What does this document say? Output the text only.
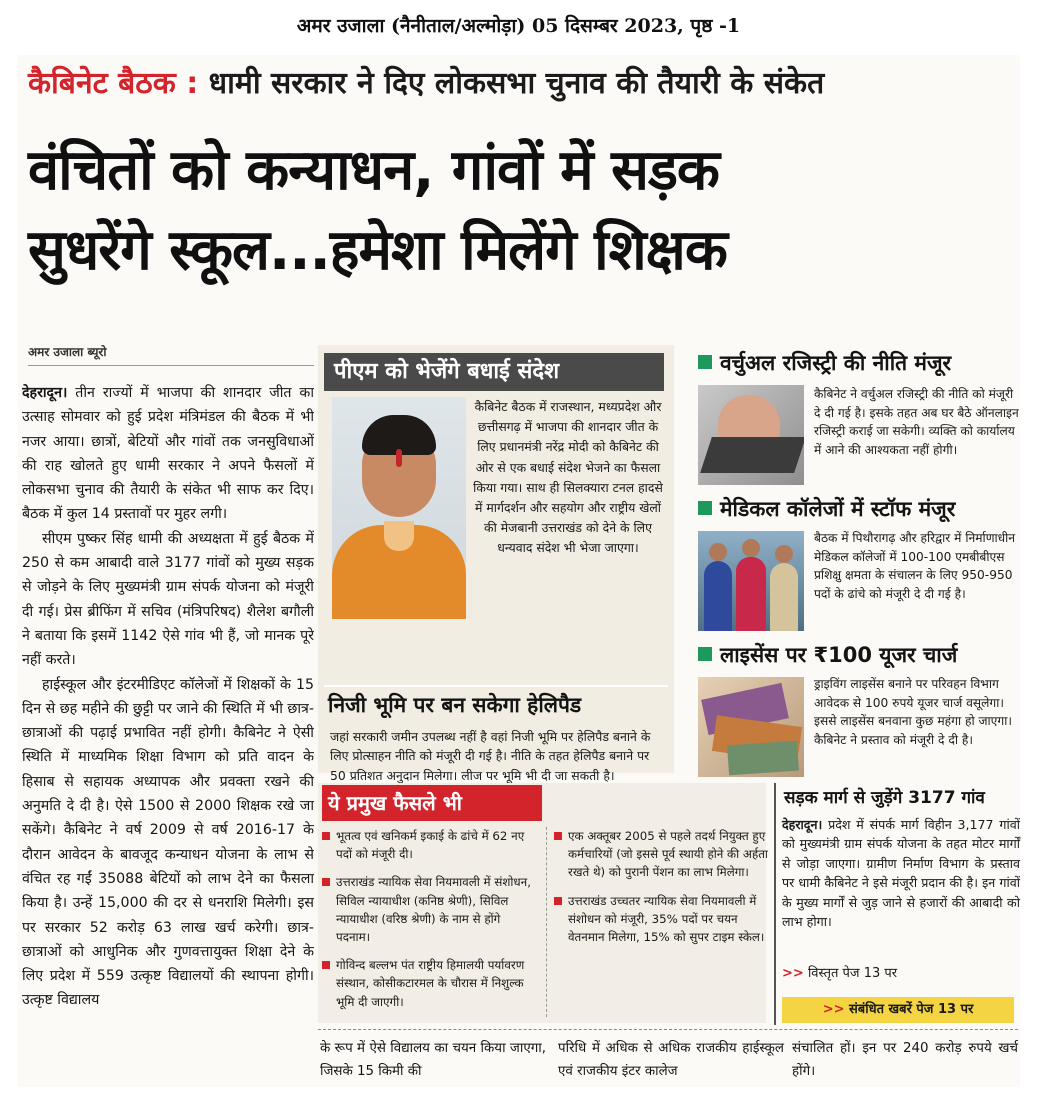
अमर उजाला (नैनीताल/अल्मोड़ा) 05 दिसम्बर 2023, पृष्ठ -1
कैबिनेट बैठक : धामी सरकार ने दिए लोकसभा चुनाव की तैयारी के संकेत
वंचितों को कन्याधन, गांवों में सड़क
सुधरेंगे स्कूल...हमेशा मिलेंगे शिक्षक
अमर उजाला ब्यूरो

देहरादून। तीन राज्यों में भाजपा की शानदार जीत का उत्साह सोमवार को हुई प्रदेश मंत्रिमंडल की बैठक में भी नजर आया। छात्रों, बेटियों और गांवों तक जनसुविधाओं की राह खोलते हुए धामी सरकार ने अपने फैसलों में लोकसभा चुनाव की तैयारी के संकेत भी साफ कर दिए। बैठक में कुल 14 प्रस्तावों पर मुहर लगी।

सीएम पुष्कर सिंह धामी की अध्यक्षता में हुई बैठक में 250 से कम आबादी वाले 3177 गांवों को मुख्य सड़क से जोड़ने के लिए मुख्यमंत्री ग्राम संपर्क योजना को मंजूरी दी गई। प्रेस ब्रीफिंग में सचिव (मंत्रिपरिषद) शैलेश बगौली ने बताया कि इसमें 1142 ऐसे गांव भी हैं, जो मानक पूरे नहीं करते।

हाईस्कूल और इंटरमीडिएट कॉलेजों में शिक्षकों के 15 दिन से छह महीने की छुट्टी पर जाने की स्थिति में भी छात्र-छात्राओं की पढ़ाई प्रभावित नहीं होगी। कैबिनेट ने ऐसी स्थिति में माध्यमिक शिक्षा विभाग को प्रति वादन के हिसाब से सहायक अध्यापक और प्रवक्ता रखने की अनुमति दे दी है। ऐसे 1500 से 2000 शिक्षक रखे जा सकेंगे। कैबिनेट ने वर्ष 2009 से वर्ष 2016-17 के दौरान आवेदन के बावजूद कन्याधन योजना के लाभ से वंचित रह गईं 35088 बेटियों को लाभ देने का फैसला किया है। उन्हें 15,000 की दर से धनराशि मिलेगी। इस पर सरकार 52 करोड़ 63 लाख खर्च करेगी। छात्र-छात्राओं को आधुनिक और गुणवत्तायुक्त शिक्षा देने के लिए प्रदेश में 559 उत्कृष्ट विद्यालयों की स्थापना होगी। उत्कृष्ट विद्यालय

पीएम को भेजेंगे बधाई संदेश
कैबिनेट बैठक में राजस्थान, मध्यप्रदेश और छत्तीसगढ़ में भाजपा की शानदार जीत के लिए प्रधानमंत्री नरेंद्र मोदी को कैबिनेट की ओर से एक बधाई संदेश भेजने का फैसला किया गया। साथ ही सिलक्यारा टनल हादसे में मार्गदर्शन और सहयोग और राष्ट्रीय खेलों की मेजबानी उत्तराखंड को देने के लिए धन्यवाद संदेश भी भेजा जाएगा।
निजी भूमि पर बन सकेगा हेलिपैड
जहां सरकारी जमीन उपलब्ध नहीं है वहां निजी भूमि पर हेलिपैड बनाने के लिए प्रोत्साहन नीति को मंजूरी दी गई है। नीति के तहत हेलिपैड बनाने पर 50 प्रतिशत अनुदान मिलेगा। लीज पर भूमि भी दी जा सकती है।
वर्चुअल रजिस्ट्री की नीति मंजूर
कैबिनेट ने वर्चुअल रजिस्ट्री की नीति को मंजूरी दे दी गई है। इसके तहत अब घर बैठे ऑनलाइन रजिस्ट्री कराई जा सकेगी। व्यक्ति को कार्यालय में आने की आश्यकता नहीं होगी।
मेडिकल कॉलेजों में स्टॉफ मंजूर
बैठक में पिथौरागढ़ और हरिद्वार में निर्माणाधीन मेडिकल कॉलेजों में 100-100 एमबीबीएस प्रशिक्षु क्षमता के संचालन के लिए 950-950 पदों के ढांचे को मंजूरी दे दी गई है।
लाइसेंस पर ₹100 यूजर चार्ज
ड्राइविंग लाइसेंस बनाने पर परिवहन विभाग आवेदक से 100 रुपये यूजर चार्ज वसूलेगा। इससे लाइसेंस बनवाना कुछ महंगा हो जाएगा। कैबिनेट ने प्रस्ताव को मंजूरी दे दी है।
ये प्रमुख फैसले भी
भूतत्व एवं खनिकर्म इकाई के ढांचे में 62 नए पदों को मंजूरी दी।
उत्तराखंड न्यायिक सेवा नियमावली में संशोधन, सिविल न्यायाधीश (कनिष्ठ श्रेणी), सिविल न्यायाधीश (वरिष्ठ श्रेणी) के नाम से होंगे पदनाम।
गोविन्द बल्लभ पंत राष्ट्रीय हिमालयी पर्यावरण संस्थान, कोसीकटारमल के चौरास में निशुल्क भूमि दी जाएगी।
एक अक्तूबर 2005 से पहले तदर्थ नियुक्त हुए कर्मचारियों (जो इससे पूर्व स्थायी होने की अर्हता रखते थे) को पुरानी पेंशन का लाभ मिलेगा।
उत्तराखंड उच्चतर न्यायिक सेवा नियमावली में संशोधन को मंजूरी, 35% पदों पर चयन वेतनमान मिलेगा, 15% को सुपर टाइम स्केल।
सड़क मार्ग से जुड़ेंगे 3177 गांव
देहरादून। प्रदेश में संपर्क मार्ग विहीन 3,177 गांवों को मुख्यमंत्री ग्राम संपर्क योजना के तहत मोटर मार्गों से जोड़ा जाएगा। ग्रामीण निर्माण विभाग के प्रस्ताव पर धामी कैबिनेट ने इसे मंजूरी प्रदान की है। इन गांवों के मुख्य मार्गों से जुड़ जाने से हजारों की आबादी को लाभ होगा।
>> विस्तृत पेज 13 पर
>> संबंधित खबरें पेज 13 पर
के रूप में ऐसे विद्यालय का चयन किया जाएगा, जिसके 15 किमी की
परिधि में अधिक से अधिक राजकीय हाईस्कूल एवं राजकीय इंटर कालेज
संचालित हों। इन पर 240 करोड़ रुपये खर्च होंगे।
